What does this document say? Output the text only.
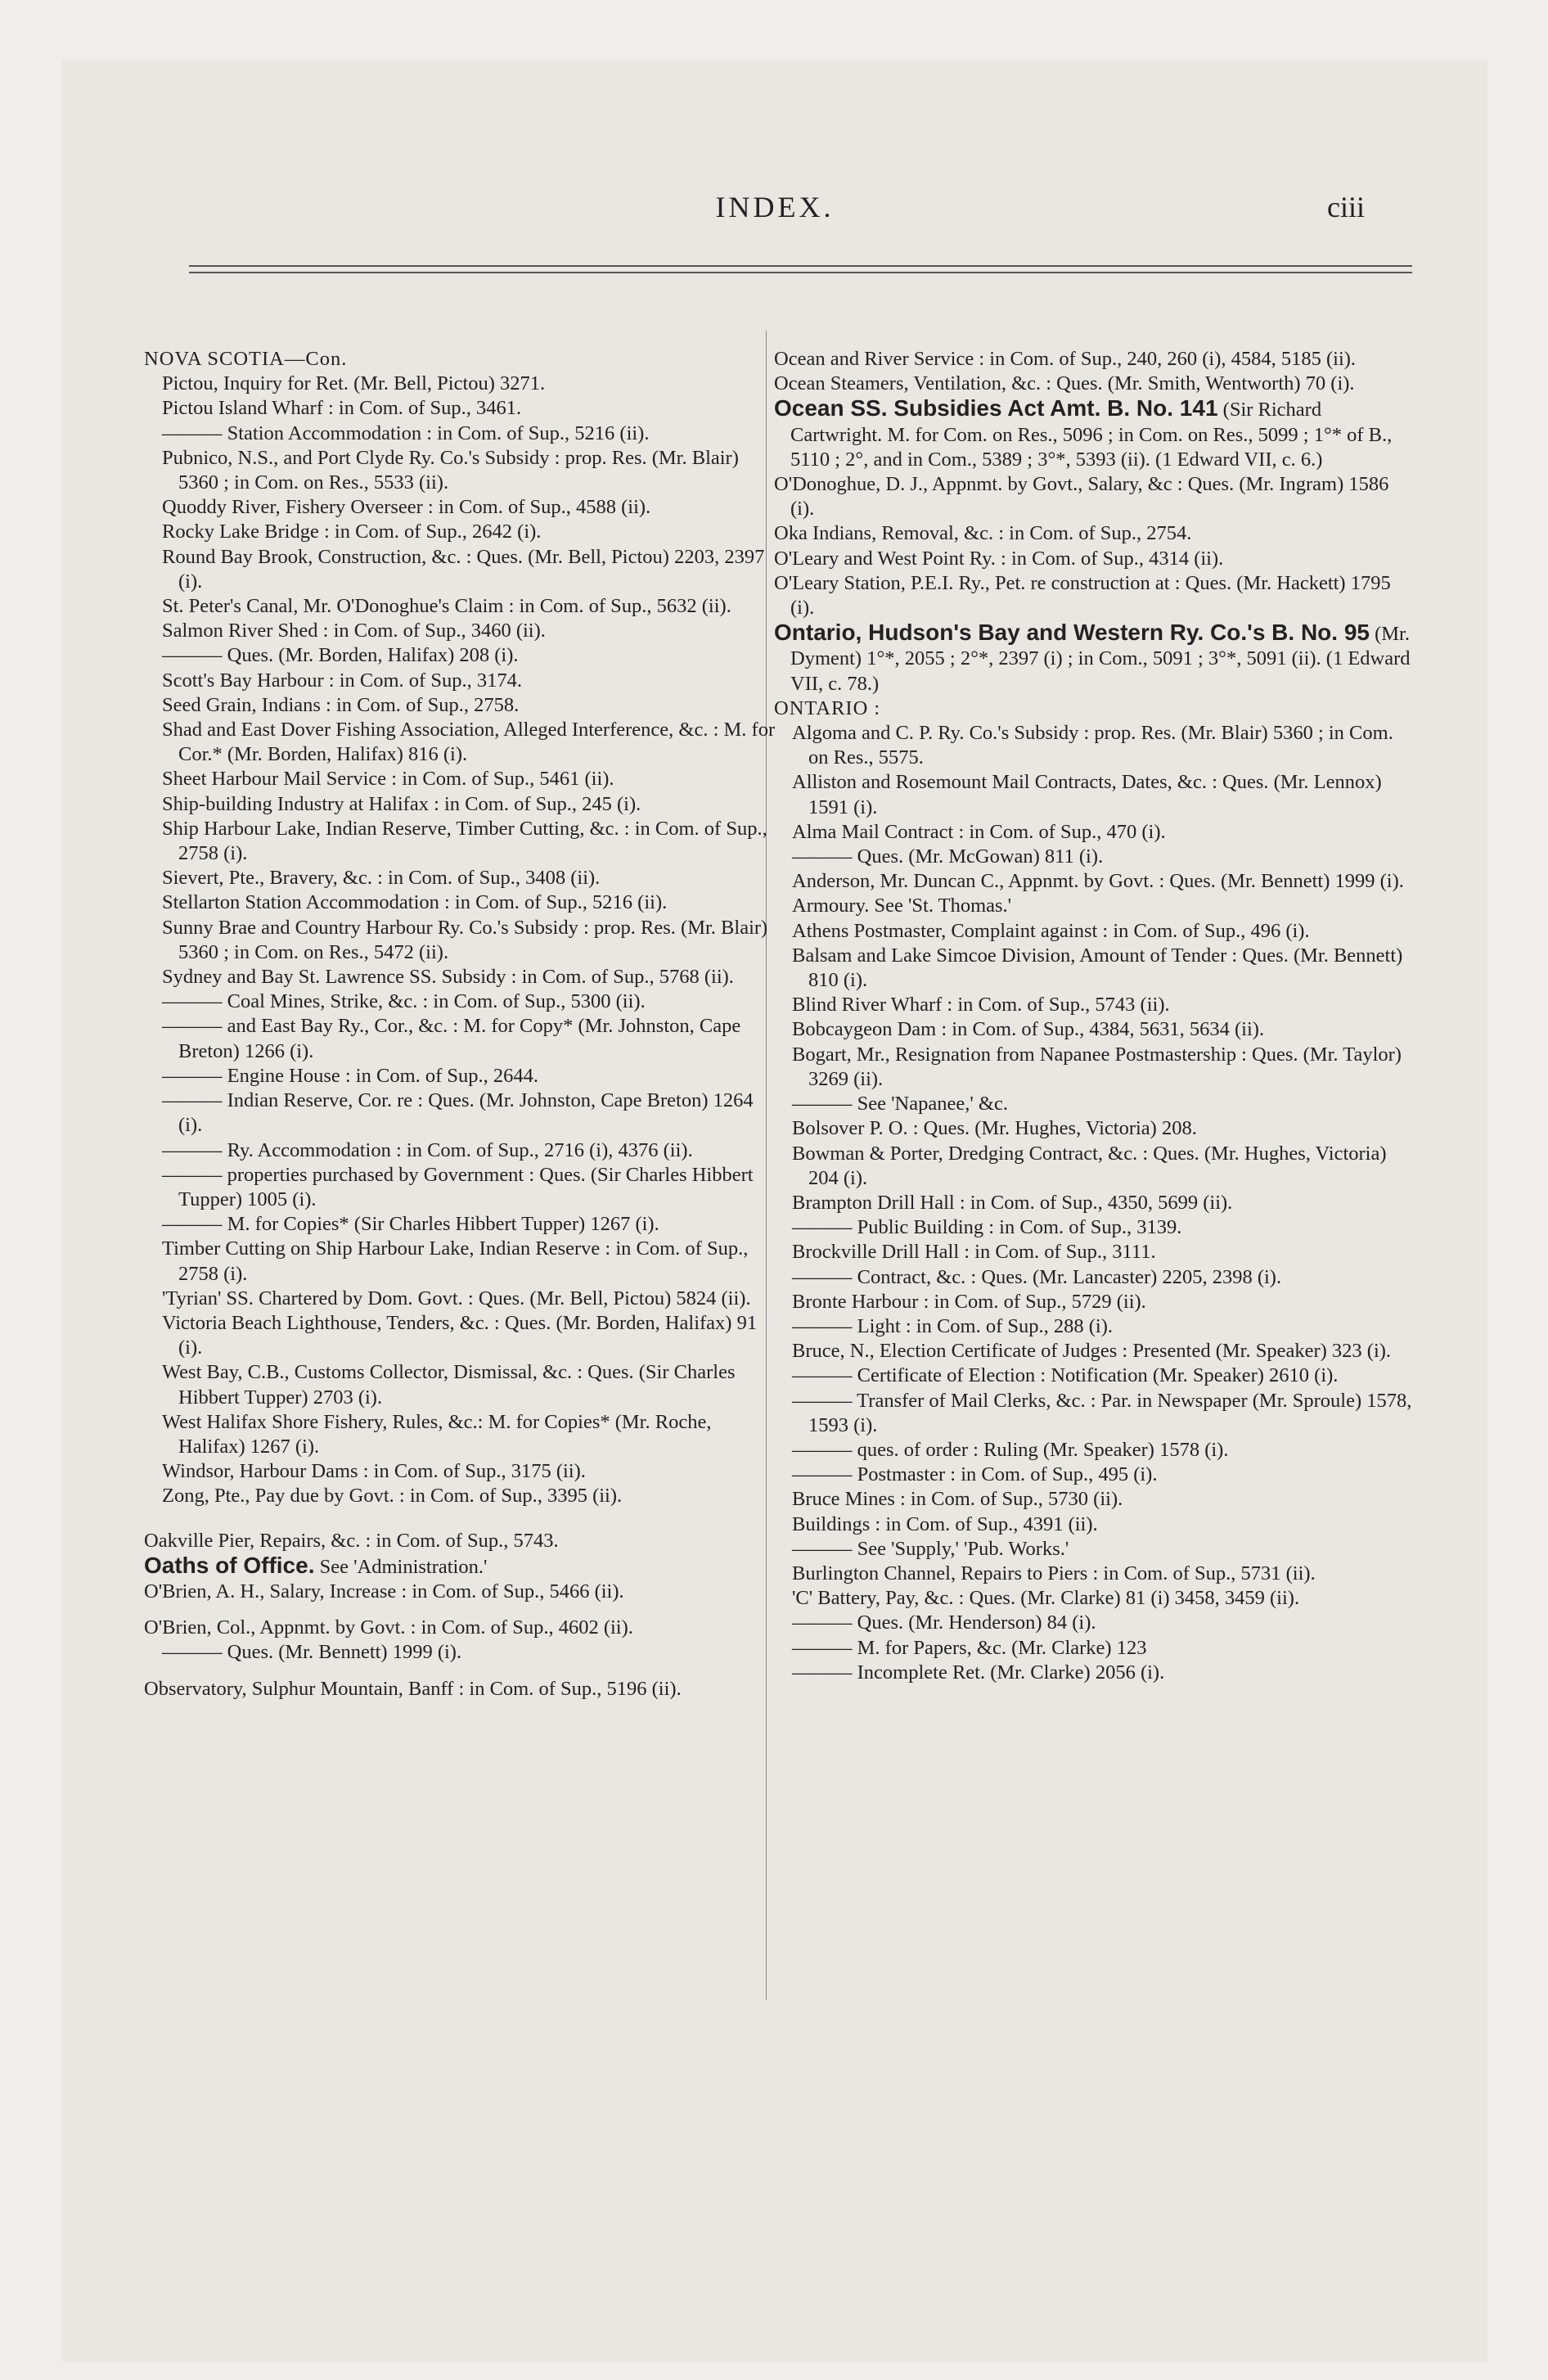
INDEX.	ciii
NOVA SCOTIA—Con.
Pictou, Inquiry for Ret. (Mr. Bell, Pictou) 3271.
Pictou Island Wharf : in Com. of Sup., 3461.
——— Station Accommodation : in Com. of Sup., 5216 (ii).
Pubnico, N.S., and Port Clyde Ry. Co.'s Subsidy : prop. Res. (Mr. Blair) 5360 ; in Com. on Res., 5533 (ii).
Quoddy River, Fishery Overseer : in Com. of Sup., 4588 (ii).
Rocky Lake Bridge : in Com. of Sup., 2642 (i).
Round Bay Brook, Construction, &c. : Ques. (Mr. Bell, Pictou) 2203, 2397 (i).
St. Peter's Canal, Mr. O'Donoghue's Claim : in Com. of Sup., 5632 (ii).
Salmon River Shed : in Com. of Sup., 3460 (ii).
——— Ques. (Mr. Borden, Halifax) 208 (i).
Scott's Bay Harbour : in Com. of Sup., 3174.
Seed Grain, Indians : in Com. of Sup., 2758.
Shad and East Dover Fishing Association, Alleged Interference, &c. : M. for Cor.* (Mr. Borden, Halifax) 816 (i).
Sheet Harbour Mail Service : in Com. of Sup., 5461 (ii).
Ship-building Industry at Halifax : in Com. of Sup., 245 (i).
Ship Harbour Lake, Indian Reserve, Timber Cutting, &c. : in Com. of Sup., 2758 (i).
Sievert, Pte., Bravery, &c. : in Com. of Sup., 3408 (ii).
Stellarton Station Accommodation : in Com. of Sup., 5216 (ii).
Sunny Brae and Country Harbour Ry. Co.'s Subsidy : prop. Res. (Mr. Blair) 5360 ; in Com. on Res., 5472 (ii).
Sydney and Bay St. Lawrence SS. Subsidy : in Com. of Sup., 5768 (ii).
——— Coal Mines, Strike, &c. : in Com. of Sup., 5300 (ii).
——— and East Bay Ry., Cor., &c. : M. for Copy* (Mr. Johnston, Cape Breton) 1266 (i).
——— Engine House : in Com. of Sup., 2644.
——— Indian Reserve, Cor. re : Ques. (Mr. Johnston, Cape Breton) 1264 (i).
——— Ry. Accommodation : in Com. of Sup., 2716 (i), 4376 (ii).
——— properties purchased by Government : Ques. (Sir Charles Hibbert Tupper) 1005 (i).
——— M. for Copies* (Sir Charles Hibbert Tupper) 1267 (i).
Timber Cutting on Ship Harbour Lake, Indian Reserve : in Com. of Sup., 2758 (i).
'Tyrian' SS. Chartered by Dom. Govt. : Ques. (Mr. Bell, Pictou) 5824 (ii).
Victoria Beach Lighthouse, Tenders, &c. : Ques. (Mr. Borden, Halifax) 91 (i).
West Bay, C.B., Customs Collector, Dismissal, &c. : Ques. (Sir Charles Hibbert Tupper) 2703 (i).
West Halifax Shore Fishery, Rules, &c.: M. for Copies* (Mr. Roche, Halifax) 1267 (i).
Windsor, Harbour Dams : in Com. of Sup., 3175 (ii).
Zong, Pte., Pay due by Govt. : in Com. of Sup., 3395 (ii).
Oakville Pier, Repairs, &c. : in Com. of Sup., 5743.
Oaths of Office. See 'Administration.'
O'Brien, A. H., Salary, Increase : in Com. of Sup., 5466 (ii).
O'Brien, Col., Appnmt. by Govt. : in Com. of Sup., 4602 (ii).
——— Ques. (Mr. Bennett) 1999 (i).
Observatory, Sulphur Mountain, Banff : in Com. of Sup., 5196 (ii).
Ocean and River Service : in Com. of Sup., 240, 260 (i), 4584, 5185 (ii).
Ocean Steamers, Ventilation, &c. : Ques. (Mr. Smith, Wentworth) 70 (i).
Ocean SS. Subsidies Act Amt. B. No. 141 (Sir Richard Cartwright. M. for Com. on Res., 5096 ; in Com. on Res., 5099 ; 1°* of B., 5110 ; 2°, and in Com., 5389 ; 3°*, 5393 (ii). (1 Edward VII, c. 6.)
O'Donoghue, D. J., Appnmt. by Govt., Salary, &c : Ques. (Mr. Ingram) 1586 (i).
Oka Indians, Removal, &c. : in Com. of Sup., 2754.
O'Leary and West Point Ry. : in Com. of Sup., 4314 (ii).
O'Leary Station, P.E.I. Ry., Pet. re construction at : Ques. (Mr. Hackett) 1795 (i).
Ontario, Hudson's Bay and Western Ry. Co.'s B. No. 95 (Mr. Dyment) 1°*, 2055 ; 2°*, 2397 (i) ; in Com., 5091 ; 3°*, 5091 (ii). (1 Edward VII, c. 78.)
ONTARIO :
Algoma and C. P. Ry. Co.'s Subsidy : prop. Res. (Mr. Blair) 5360 ; in Com. on Res., 5575.
Alliston and Rosemount Mail Contracts, Dates, &c. : Ques. (Mr. Lennox) 1591 (i).
Alma Mail Contract : in Com. of Sup., 470 (i).
——— Ques. (Mr. McGowan) 811 (i).
Anderson, Mr. Duncan C., Appnmt. by Govt. : Ques. (Mr. Bennett) 1999 (i).
Armoury. See 'St. Thomas.'
Athens Postmaster, Complaint against : in Com. of Sup., 496 (i).
Balsam and Lake Simcoe Division, Amount of Tender : Ques. (Mr. Bennett) 810 (i).
Blind River Wharf : in Com. of Sup., 5743 (ii).
Bobcaygeon Dam : in Com. of Sup., 4384, 5631, 5634 (ii).
Bogart, Mr., Resignation from Napanee Postmastership : Ques. (Mr. Taylor) 3269 (ii).
——— See 'Napanee,' &c.
Bolsover P. O. : Ques. (Mr. Hughes, Victoria) 208.
Bowman & Porter, Dredging Contract, &c. : Ques. (Mr. Hughes, Victoria) 204 (i).
Brampton Drill Hall : in Com. of Sup., 4350, 5699 (ii).
——— Public Building : in Com. of Sup., 3139.
Brockville Drill Hall : in Com. of Sup., 3111.
——— Contract, &c. : Ques. (Mr. Lancaster) 2205, 2398 (i).
Bronte Harbour : in Com. of Sup., 5729 (ii).
——— Light : in Com. of Sup., 288 (i).
Bruce, N., Election Certificate of Judges : Presented (Mr. Speaker) 323 (i).
——— Certificate of Election : Notification (Mr. Speaker) 2610 (i).
——— Transfer of Mail Clerks, &c. : Par. in Newspaper (Mr. Sproule) 1578, 1593 (i).
——— ques. of order : Ruling (Mr. Speaker) 1578 (i).
——— Postmaster : in Com. of Sup., 495 (i).
Bruce Mines : in Com. of Sup., 5730 (ii).
Buildings : in Com. of Sup., 4391 (ii).
——— See 'Supply,' 'Pub. Works.'
Burlington Channel, Repairs to Piers : in Com. of Sup., 5731 (ii).
'C' Battery, Pay, &c. : Ques. (Mr. Clarke) 81 (i) 3458, 3459 (ii).
——— Ques. (Mr. Henderson) 84 (i).
——— M. for Papers, &c. (Mr. Clarke) 123
——— Incomplete Ret. (Mr. Clarke) 2056 (i).
